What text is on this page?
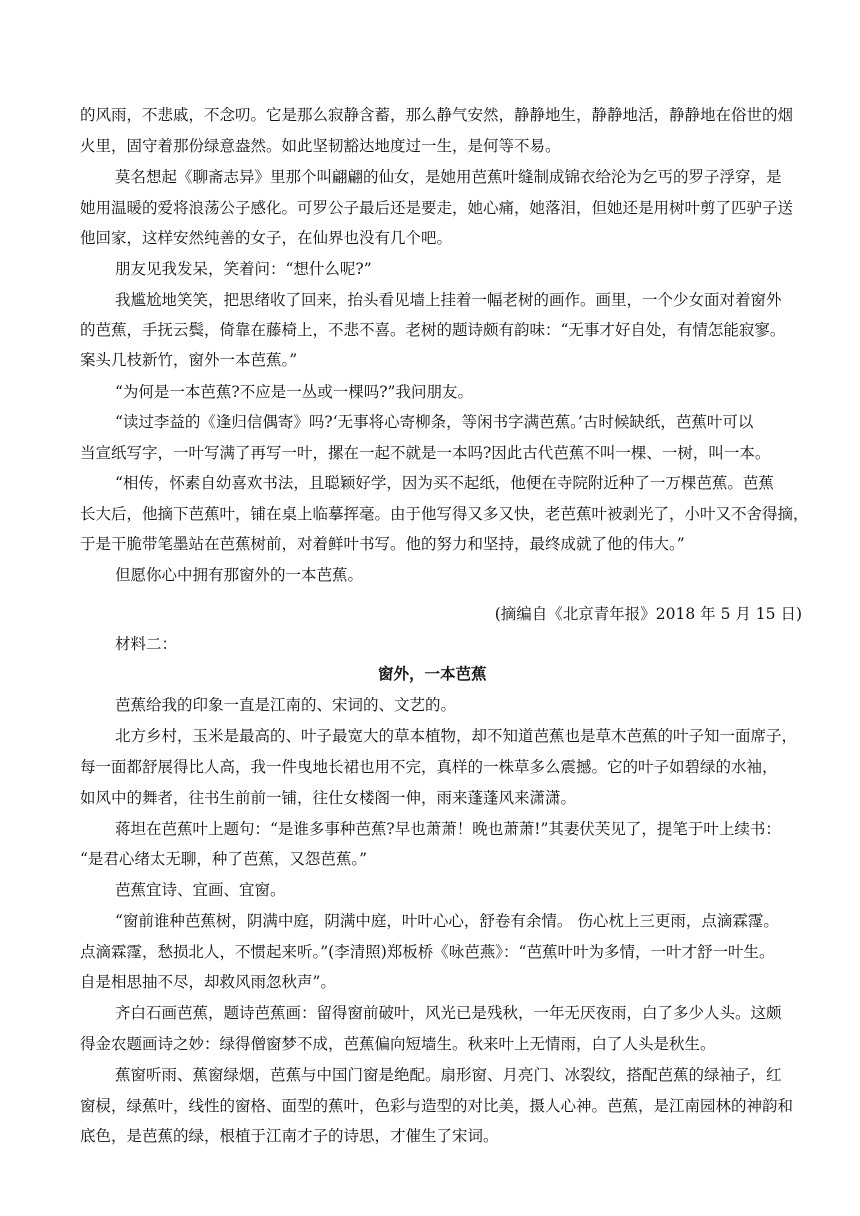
的风雨，不悲戚，不念叨。它是那么寂静含蓄，那么静气安然，静静地生，静静地活，静静地在俗世的烟
火里，固守着那份绿意盎然。如此坚韧豁达地度过一生，是何等不易。
莫名想起《聊斋志异》里那个叫翩翩的仙女，是她用芭蕉叶缝制成锦衣给沦为乞丐的罗子浮穿，是
她用温暖的爱将浪荡公子感化。可罗公子最后还是要走，她心痛，她落泪，但她还是用树叶剪了匹驴子送
他回家，这样安然纯善的女子，在仙界也没有几个吧。
朋友见我发呆，笑着问：“想什么呢?”
我尴尬地笑笑，把思绪收了回来，抬头看见墙上挂着一幅老树的画作。画里，一个少女面对着窗外
的芭蕉，手抚云鬓，倚靠在藤椅上，不悲不喜。老树的题诗颇有韵味：“无事才好自处，有情怎能寂寥。
案头几枝新竹，窗外一本芭蕉。”
“为何是一本芭蕉?不应是一丛或一棵吗?”我问朋友。
“读过李益的《逢归信偶寄》吗?‘无事将心寄柳条，等闲书字满芭蕉。’古时候缺纸，芭蕉叶可以
当宣纸写字，一叶写满了再写一叶，摞在一起不就是一本吗?因此古代芭蕉不叫一棵、一树，叫一本。
“相传，怀素自幼喜欢书法，且聪颖好学，因为买不起纸，他便在寺院附近种了一万棵芭蕉。芭蕉
长大后，他摘下芭蕉叶，铺在桌上临摹挥毫。由于他写得又多又快，老芭蕉叶被剥光了，小叶又不舍得摘，
于是干脆带笔墨站在芭蕉树前，对着鲜叶书写。他的努力和坚持，最终成就了他的伟大。”
但愿你心中拥有那窗外的一本芭蕉。
(摘编自《北京青年报》2018 年 5 月 15 日)
材料二：
窗外，一本芭蕉
芭蕉给我的印象一直是江南的、宋词的、文艺的。
北方乡村，玉米是最高的、叶子最宽大的草本植物，却不知道芭蕉也是草木芭蕉的叶子知一面席子，
每一面都舒展得比人高，我一件曳地长裙也用不完，真样的一株草多么震撼。它的叶子如碧绿的水袖，
如风中的舞者，往书生前前一铺，往仕女楼阁一伸，雨来蓬蓬风来潇潇。
蒋坦在芭蕉叶上题句：“是谁多事种芭蕉?早也萧萧！晚也萧萧!”其妻伏芙见了，提笔于叶上续书：
“是君心绪太无聊，种了芭蕉，又怨芭蕉。”
芭蕉宜诗、宜画、宜窗。
“窗前谁种芭蕉树，阴满中庭，阴满中庭，叶叶心心，舒卷有余情。 伤心枕上三更雨，点滴霖霪。
点滴霖霪，愁损北人，不惯起来听。”(李清照)郑板桥《咏芭燕》：“芭蕉叶叶为多情，一叶才舒一叶生。
自是相思抽不尽，却救风雨忽秋声”。
齐白石画芭蕉，题诗芭蕉画：留得窗前破叶，风光已是残秋，一年无厌夜雨，白了多少人头。这颇
得金农题画诗之妙：绿得僧窗梦不成，芭蕉偏向短墙生。秋来叶上无情雨，白了人头是秋生。
蕉窗听雨、蕉窗绿烟，芭蕉与中国门窗是绝配。扇形窗、月亮门、冰裂纹，搭配芭蕉的绿袖子，红
窗棂，绿蕉叶，线性的窗格、面型的蕉叶，色彩与造型的对比美，摄人心神。芭蕉，是江南园林的神韵和
底色，是芭蕉的绿，根植于江南才子的诗思，才催生了宋词。
